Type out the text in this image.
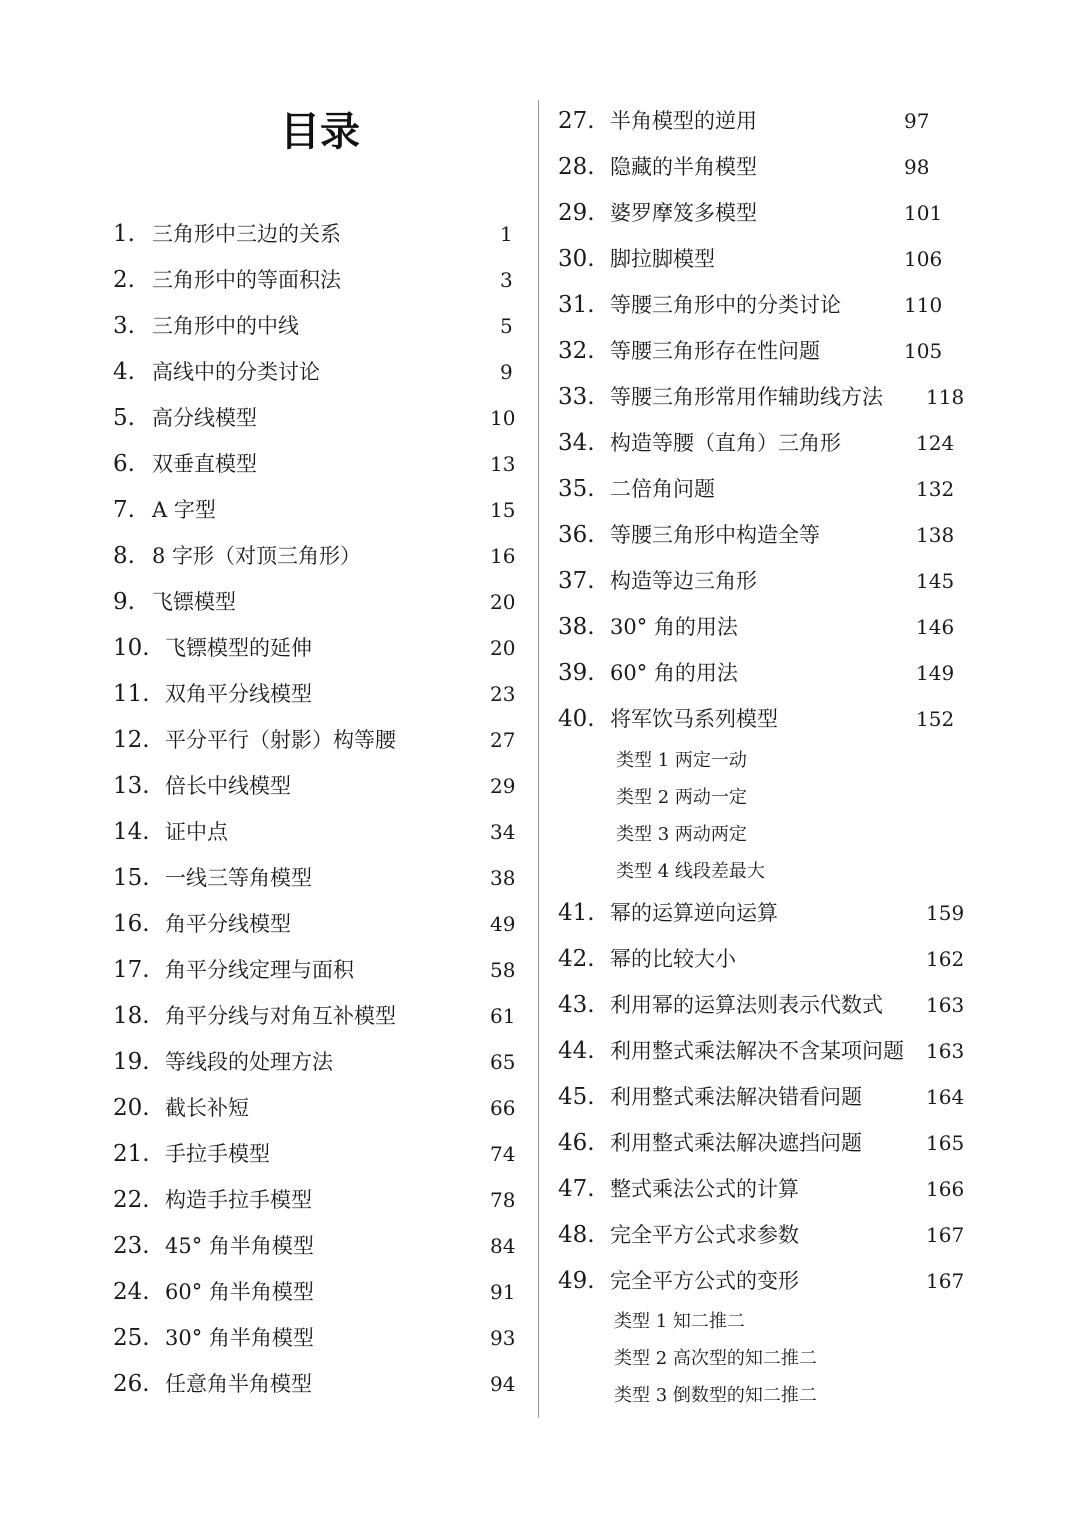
目录
1. 三角形中三边的关系	1
2. 三角形中的等面积法	3
3. 三角形中的中线	5
4. 高线中的分类讨论	9
5. 高分线模型	10
6. 双垂直模型	13
7. A 字型	15
8. 8 字形（对顶三角形）	16
9. 飞镖模型	20
10. 飞镖模型的延伸	20
11. 双角平分线模型	23
12. 平分平行（射影）构等腰	27
13. 倍长中线模型	29
14. 证中点	34
15. 一线三等角模型	38
16. 角平分线模型	49
17. 角平分线定理与面积	58
18. 角平分线与对角互补模型	61
19. 等线段的处理方法	65
20. 截长补短	66
21. 手拉手模型	74
22. 构造手拉手模型	78
23. 45° 角半角模型	84
24. 60° 角半角模型	91
25. 30° 角半角模型	93
26. 任意角半角模型	94
27. 半角模型的逆用	97
28. 隐藏的半角模型	98
29. 婆罗摩笈多模型	101
30. 脚拉脚模型	106
31. 等腰三角形中的分类讨论	110
32. 等腰三角形存在性问题	105
33. 等腰三角形常用作辅助线方法 118
34. 构造等腰（直角）三角形	124
35. 二倍角问题	132
36. 等腰三角形中构造全等	138
37. 构造等边三角形	145
38. 30° 角的用法	146
39. 60° 角的用法	149
40. 将军饮马系列模型	152
41. 幂的运算逆向运算	159
42. 幂的比较大小	162
43. 利用幂的运算法则表示代数式 163
44. 利用整式乘法解决不含某项问题 163
45. 利用整式乘法解决错看问题	164
46. 利用整式乘法解决遮挡问题	165
47. 整式乘法公式的计算	166
48. 完全平方公式求参数	167
49. 完全平方公式的变形	167
类型 1 两定一动
类型 2 两动一定
类型 3 两动两定
类型 4 线段差最大
类型 1 知二推二
类型 2 高次型的知二推二
类型 3 倒数型的知二推二
